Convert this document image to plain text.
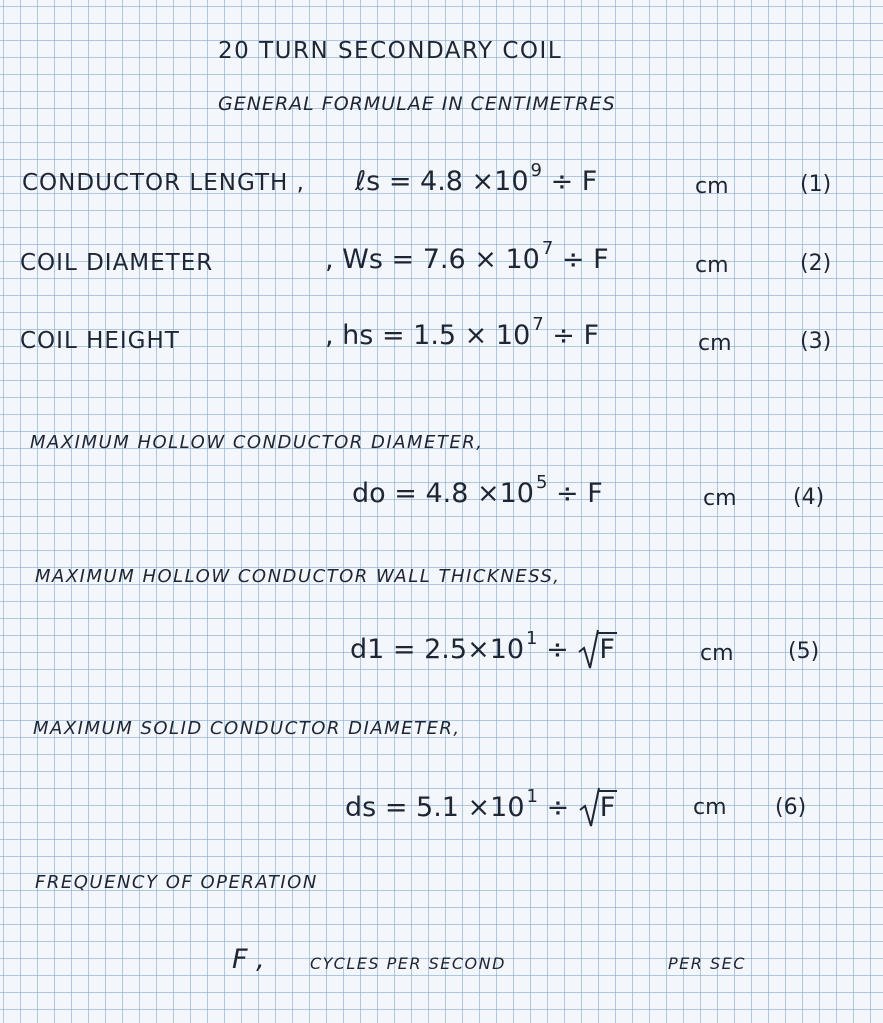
20 TURN SECONDARY COIL
GENERAL FORMULAE IN CENTIMETRES
CONDUCTOR LENGTH , ℓs = 4.8 ×10 $^9$ ÷ F	cm	(1)
COIL DIAMETER	, Ws = 7.6 × 10 $^7$ ÷ F	cm	(2)
COIL HEIGHT	, hs = 1.5 × 10 $^7$ ÷ F	cm	(3)
MAXIMUM HOLLOW CONDUCTOR DIAMETER,
do = 4.8 ×10 $^5$ ÷ F	cm	(4)
MAXIMUM HOLLOW CONDUCTOR WALL THICKNESS,
d1 = 2.5×10 $^1$ ÷ F	cm (5)
MAXIMUM SOLID CONDUCTOR DIAMETER,
ds = 5.1 ×10 $^1$ ÷ F	cm (6)
FREQUENCY OF OPERATION
F ,	CYCLES PER SECOND	PER SEC
